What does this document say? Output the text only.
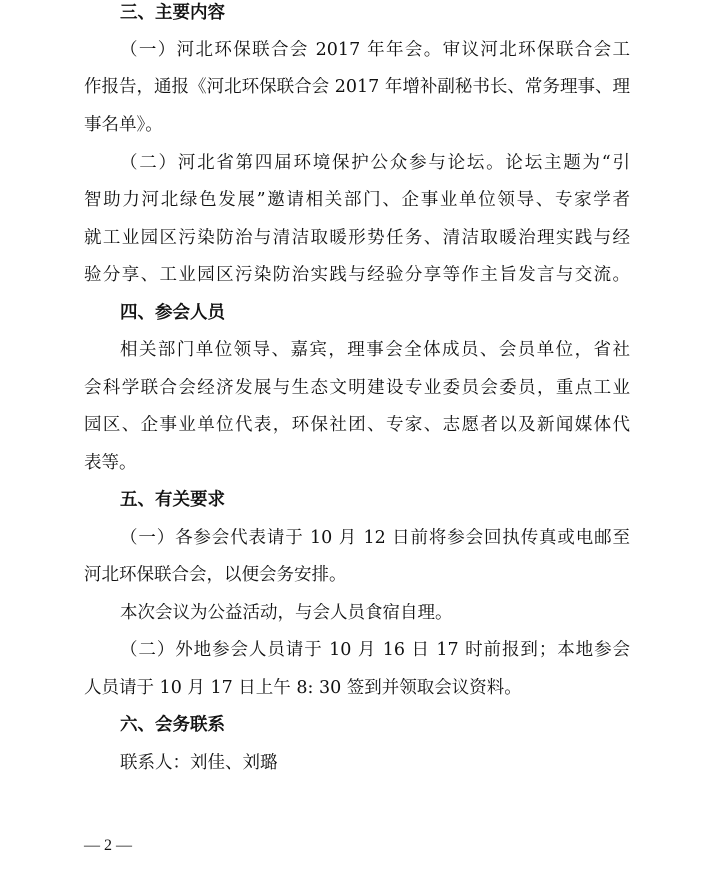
三、主要内容
（一）河北环保联合会 2017 年年会。审议河北环保联合会工
作报告，通报《河北环保联合会 2017 年增补副秘书长、常务理事、理
事名单》。
（二）河北省第四届环境保护公众参与论坛。论坛主题为“引
智助力河北绿色发展”邀请相关部门、企事业单位领导、专家学者
就工业园区污染防治与清洁取暖形势任务、清洁取暖治理实践与经
验分享、工业园区污染防治实践与经验分享等作主旨发言与交流。
四、参会人员
相关部门单位领导、嘉宾，理事会全体成员、会员单位，省社
会科学联合会经济发展与生态文明建设专业委员会委员，重点工业
园区、企事业单位代表，环保社团、专家、志愿者以及新闻媒体代
表等。
五、有关要求
（一）各参会代表请于 10 月 12 日前将参会回执传真或电邮至
河北环保联合会，以便会务安排。
本次会议为公益活动，与会人员食宿自理。
（二）外地参会人员请于 10 月 16 日 17 时前报到；本地参会
人员请于 10 月 17 日上午 8: 30 签到并领取会议资料。
六、会务联系
联系人：刘佳、刘璐
— 2 —
